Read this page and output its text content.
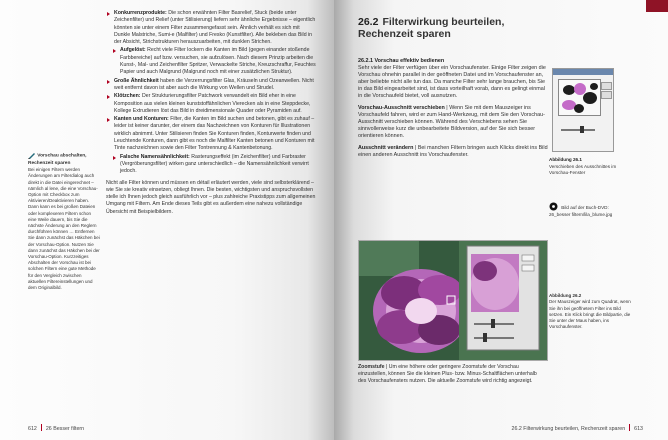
Vorschau abschalten, Rechenzeit sparen

Bei einigen Filtern werden Änderungen am Filterdialog auch direkt in die Datei eingerechnet – nämlich al lene, die eine Vorschau-Option mit Checkbox zum Aktivieren/Deaktivieren haben. Dann kann es bei großen Dateien oder komplexeren Filtern schon eine Weile dauern, bis Sie die nächste Änderung an den Reglern durchführen können … Entfernen Sie dann zunächst das Häkchen bei der Vorschau-Option. Nutzen Sie dann zunächst das Häkchen bei der Vorschau-Option. Kurzzeitiges Abschalten der Vorschau ist bei solchen Filtern eine gute Methode für den Vergleich zwischen aktuellen Filtereinstellungen und dem Originalbild.

Konkurrenzprodukte: Die schon erwähnten Filter Basrelief, Stuck (beide unter Zeichenfilter) und Relief (unter Stilisierung) liefern sehr ähnliche Ergebnisse – eigentlich könnten sie unter einem Filter zusammengefasst sein. Ähnlich verhält es sich mit Dunkle Malstriche, Sumi-e (Malfilter) und Fresko (Kunstfilter). Alle bekleben das Bild in der Absicht, Strichstrukturen herauszuarbeiten, mit dunklen Strichen.
Aufgelöst: Recht viele Filter lockern die Kanten im Bild (gegen einander stoßende Farbbereiche) auf bzw. versuchen, sie aufzulösen. Nach diesem Prinzip arbeiten die Kunst-, Mal- und Zeichenfilter Spritzer, Verwackelte Striche, Kreuzschraffur, Feuchtes Papier und auch Malgrund (Malgrund noch mit einer zusätzlichen Struktur).
Große Ähnlichkeit haben die Verzerrungsfilter Glas, Kräuseln und Ozeanwellen. Nicht weit entfernt davon ist aber auch die Wirkung von Wellen und Strudel.
Klötzchen: Der Strukturierungsfilter Patchwork verwandelt ein Bild eher in eine Komposition aus vielen kleinen kunststoffähnlichen Vierecken als in eine Steppdecke, Kollege Extrudieren löst das Bild in dreidimensionale Quader oder Pyramiden auf.
Kanten und Konturen: Filter, die Kanten im Bild suchen und betonen, gibt es zuhauf – leider ist keiner darunter, der einem das Nachzeichnen von Konturen für Illustrationen wirklich abnimmt. Unter Stilisieren finden Sie Konturen finden, Konturwerte finden und Leuchtende Konturen, dann gibt es noch die Malfilter Kanten betonen und Konturen mit Tinte nachzeichnen sowie den Filter Tontrennung & Kantenbetonung.
Falsche Namensähnlichkeit: Rasterungseffekt (im Zeichenfilter) und Farbraster (Vergröberungsfilter) wirken ganz unterschiedlich – die Namensähnlichkeit verwirrt jedoch.

Nicht alle Filter können und müssen en détail erläutert werden, viele sind selbsterklärend – wie Sie sie kreativ einsetzen, obliegt Ihnen. Die besten, wichtigsten und anspruchsvollsten stelle ich Ihnen jedoch gleich ausführlich vor – plus zahlreiche Praxistipps zum allgemeinen Umgang mit Filtern. Am Ende dieses Teils gibt es außerdem eine nahezu vollständige Übersicht mit Beispielbildern.

612 26 Besser filtern
26.2 Filterwirkung beurteilen, Rechenzeit sparen

26.2.1 Vorschau effektiv bedienen
Sehr viele der Filter verfügen über ein Vorschaufenster. Einige Filter zeigen die Vorschau ohnehin parallel in der geöffneten Datei und im Vorschaufenster an, aber beliebte nicht alle tun das. Da manche Filter sehr lange brauchen, bis Sie in das Bild eingearbeitet sind, ist dass vorteilhaft vorab, dann es gelingt einmal in die Vorschaufeld bietet, voll ausnutzen.

Vorschau-Ausschnitt verschieben | Wenn Sie mit dem Mauszeiger ins Vorschaufeld fahren, wird er zum Hand-Werkzeug, mit dem Sie den Vorschau-Ausschnitt verschieben können. Während des Verschiebens sehen Sie sinnvollerweise kurz die unbearbeitete Bildversion, auf der Sie sich besser orientieren können.

Ausschnitt verändern | Bei manchen Filtern bringen auch Klicks direkt ins Bild einen anderen Ausschnitt ins Vorschaufenster.

Abbildung 26.1
Verschieben des Ausschnittes im Vorschau-Fenster
Bild auf der Buch-DVD: 26_besser filtern/lila_blume.jpg
Abbildung 26.2
Der Mauszeiger wird zum Quadrat, wenn Sie ihn bei geöffnetem Filter ins Bild setzen. Ein Klick bringt die Bildpartie, die Sie unter der Maus haben, ins Vorschaufenster.
Zoomstufe | Um eine höhere oder geringere Zoomstufe der Vorschau einzustellen, können Sie die kleinen Plus- bzw. Minus-Schaltflächen unterhalb des Vorschaufensters nutzen. Die aktuelle Zoomstufe wird richtig angezeigt.
26.2 Filterwirkung beurteilen, Rechenzeit sparen 613
